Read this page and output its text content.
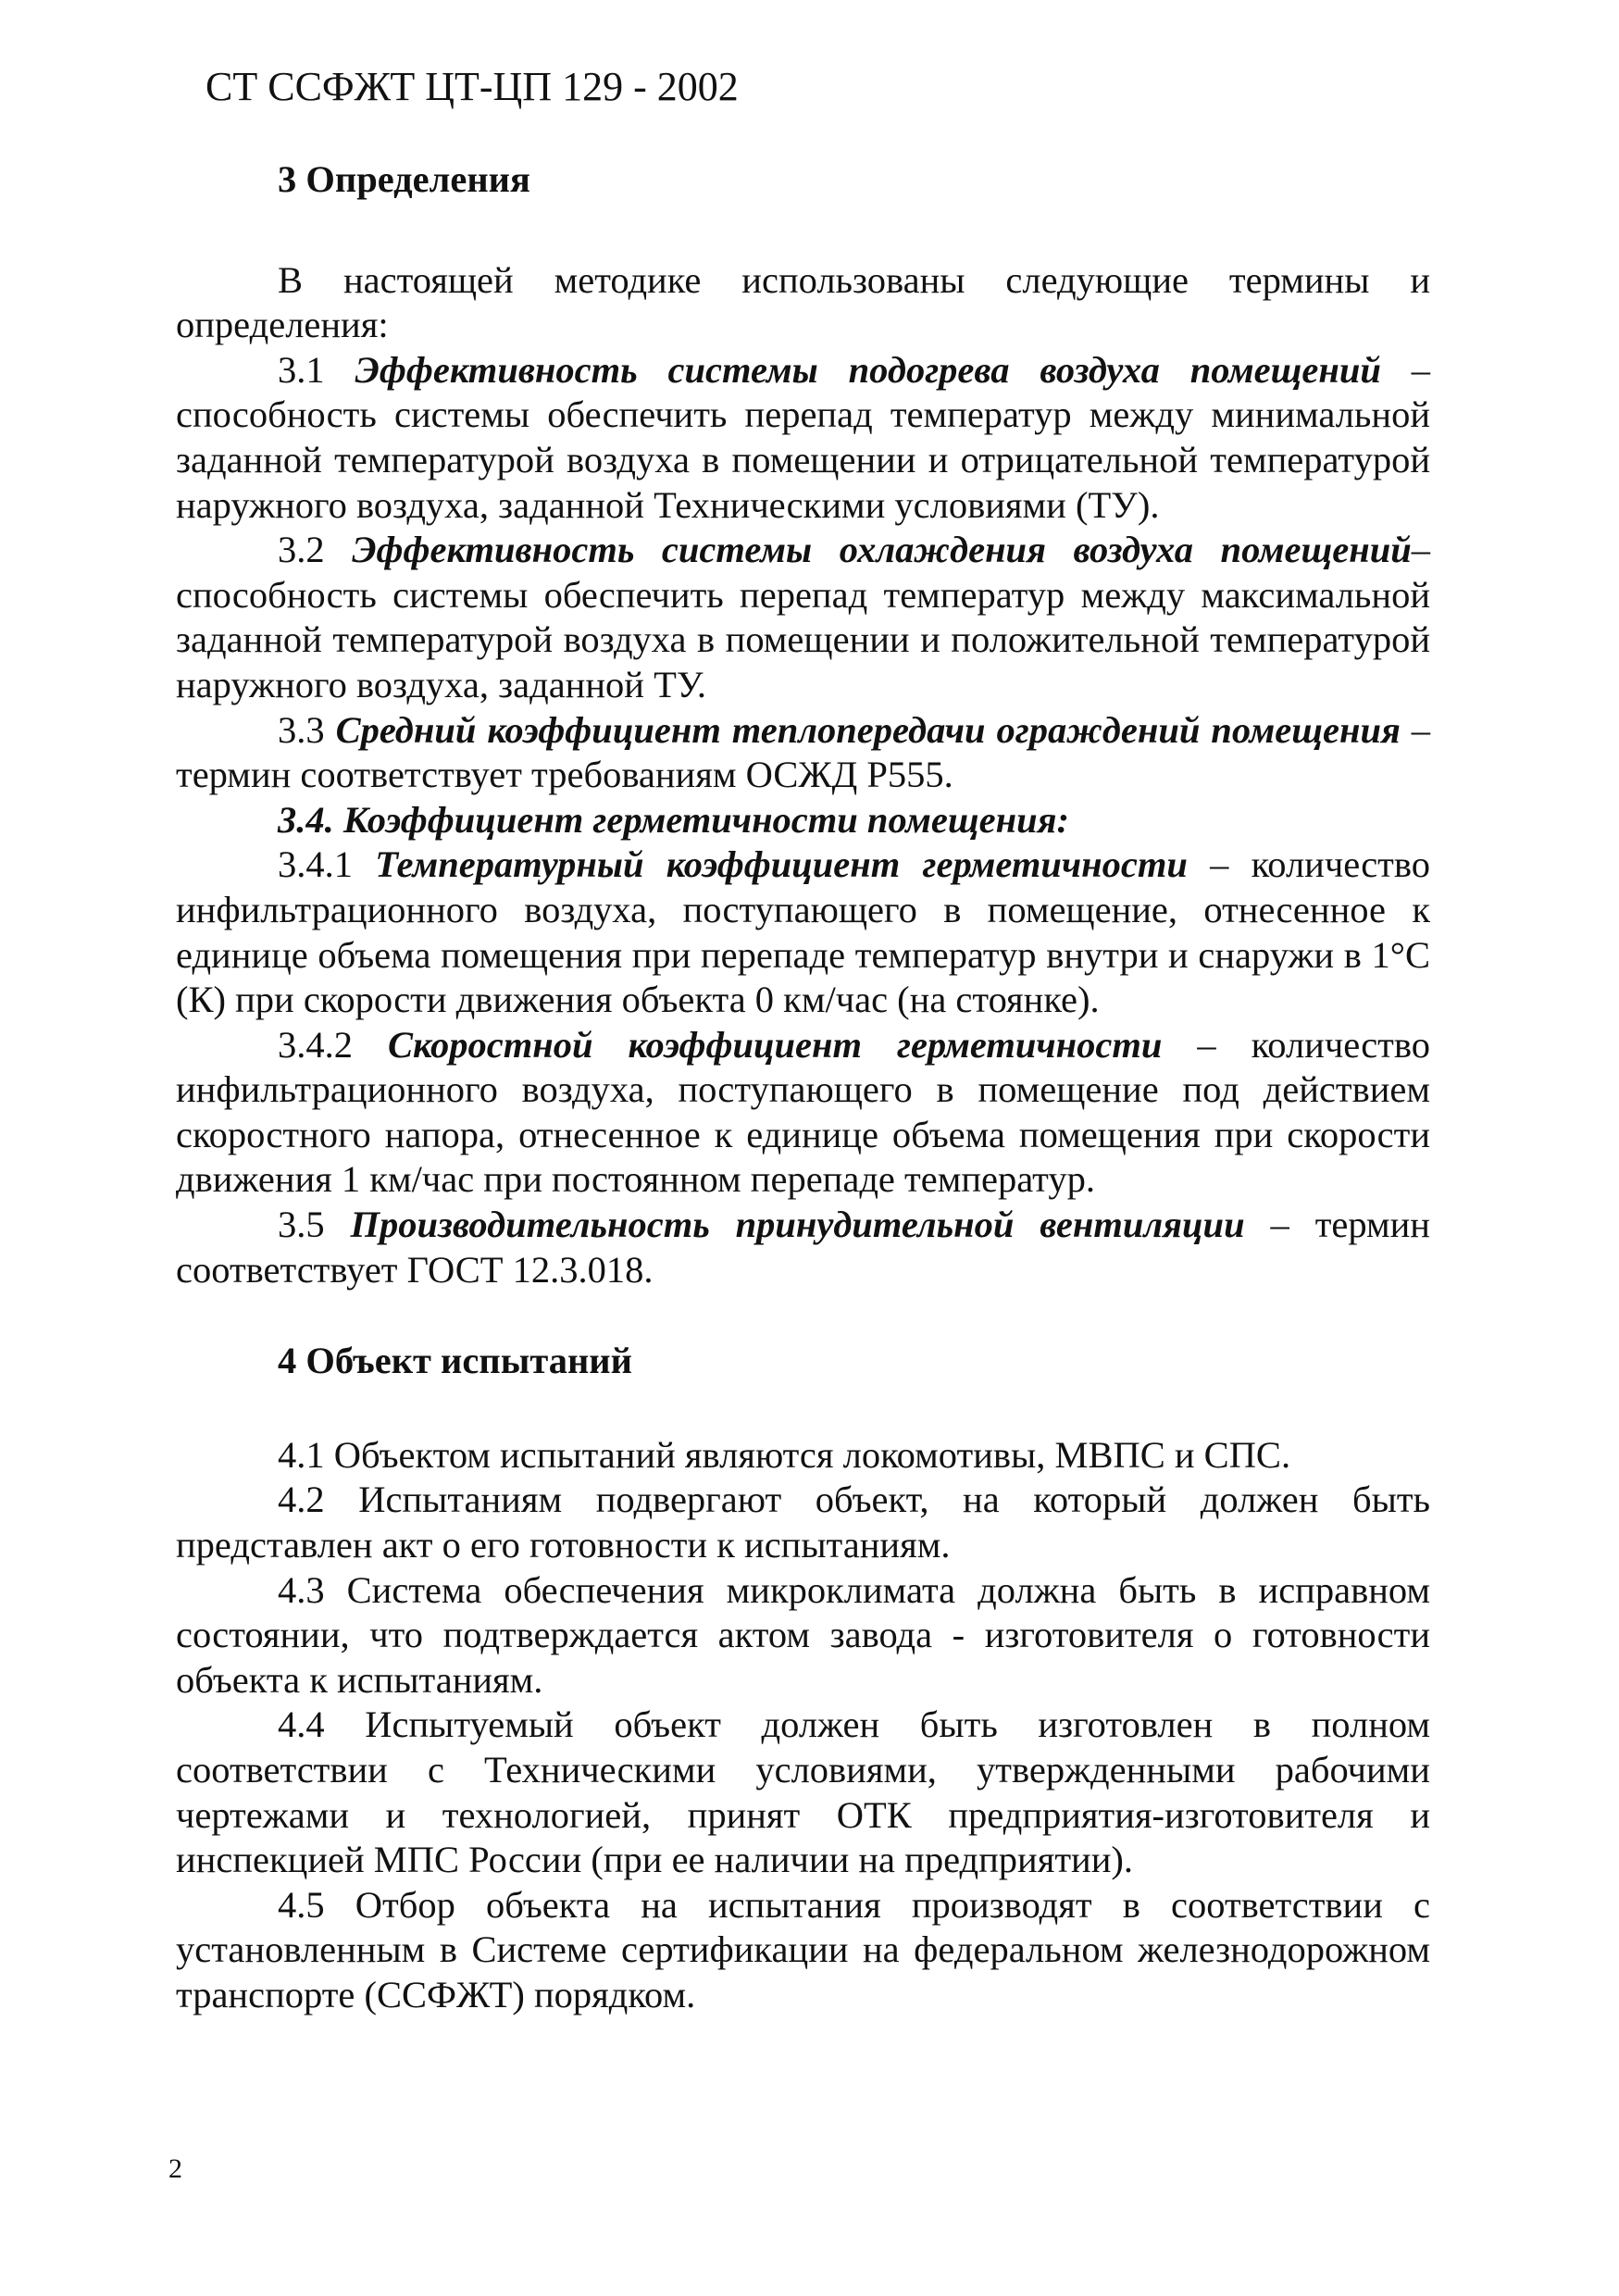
СТ ССФЖТ ЦТ-ЦП 129 - 2002

3 Определения

В настоящей методике использованы следующие термины и определения:

3.1 Эффективность системы подогрева воздуха помещений – способность системы обеспечить перепад температур между минимальной заданной температурой воздуха в помещении и отрицательной температурой наружного воздуха, заданной Техническими условиями (ТУ).

3.2 Эффективность системы охлаждения воздуха помещений– способность системы обеспечить перепад температур между максимальной заданной температурой воздуха в помещении и положительной температурой наружного воздуха, заданной ТУ.

3.3 Средний коэффициент теплопередачи ограждений помещения – термин соответствует требованиям ОСЖД Р555.

3.4. Коэффициент герметичности помещения:

3.4.1 Температурный коэффициент герметичности – количество инфильтрационного воздуха, поступающего в помещение, отнесенное к единице объема помещения при перепаде температур внутри и снаружи в 1°С (К) при скорости движения объекта 0 км/час (на стоянке).

3.4.2 Скоростной коэффициент герметичности – количество инфильтрационного воздуха, поступающего в помещение под действием скоростного напора, отнесенное к единице объема помещения при скорости движения 1 км/час при постоянном перепаде температур.

3.5 Производительность принудительной вентиляции – термин соответствует ГОСТ 12.3.018.

4 Объект испытаний

4.1 Объектом испытаний являются локомотивы, МВПС и СПС.

4.2 Испытаниям подвергают объект, на который должен быть представлен акт о его готовности к испытаниям.

4.3 Система обеспечения микроклимата должна быть в исправном состоянии, что подтверждается актом завода - изготовителя о готовности объекта к испытаниям.

4.4 Испытуемый объект должен быть изготовлен в полном соответствии с Техническими условиями, утвержденными рабочими чертежами и технологией, принят ОТК предприятия-изготовителя и инспекцией МПС России (при ее наличии на предприятии).

4.5 Отбор объекта на испытания производят в соответствии с установленным в Системе сертификации на федеральном железнодорожном транспорте (ССФЖТ) порядком.

2
